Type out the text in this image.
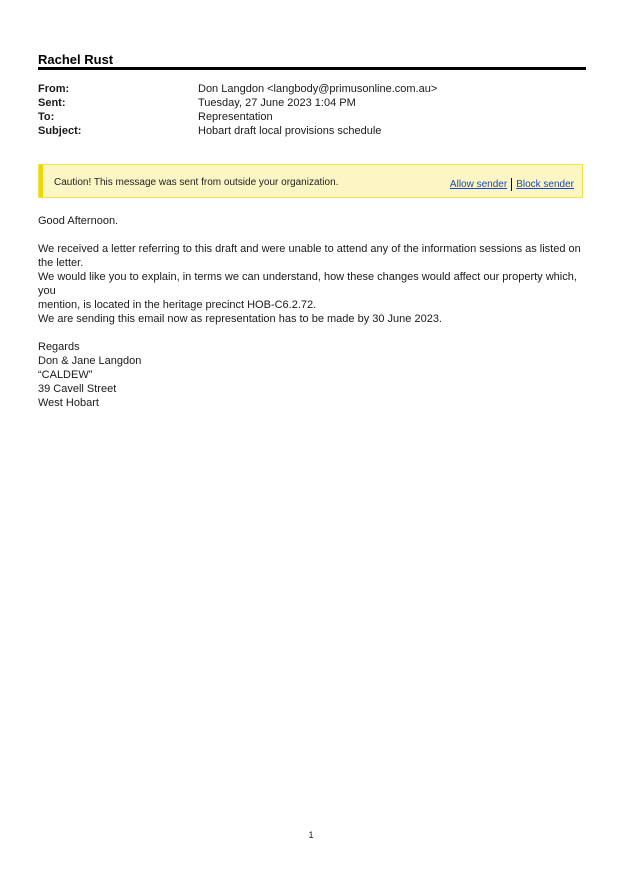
Rachel Rust
From:	Don Langdon <langbody@primusonline.com.au>
Sent:	Tuesday, 27 June 2023 1:04 PM
To:	Representation
Subject:	Hobart draft local provisions schedule
Caution! This message was sent from outside your organization.	Allow sender Block sender

Good Afternoon.

We received a letter referring to this draft and were unable to attend any of the information sessions as listed on

the letter.

We would like you to explain, in terms we can understand, how these changes would affect our property which, you

mention, is located in the heritage precinct HOB-C6.2.72.

We are sending this email now as representation has to be made by 30 June 2023.

Regards

Don & Jane Langdon

“CALDEW”

39 Cavell Street

West Hobart

1
